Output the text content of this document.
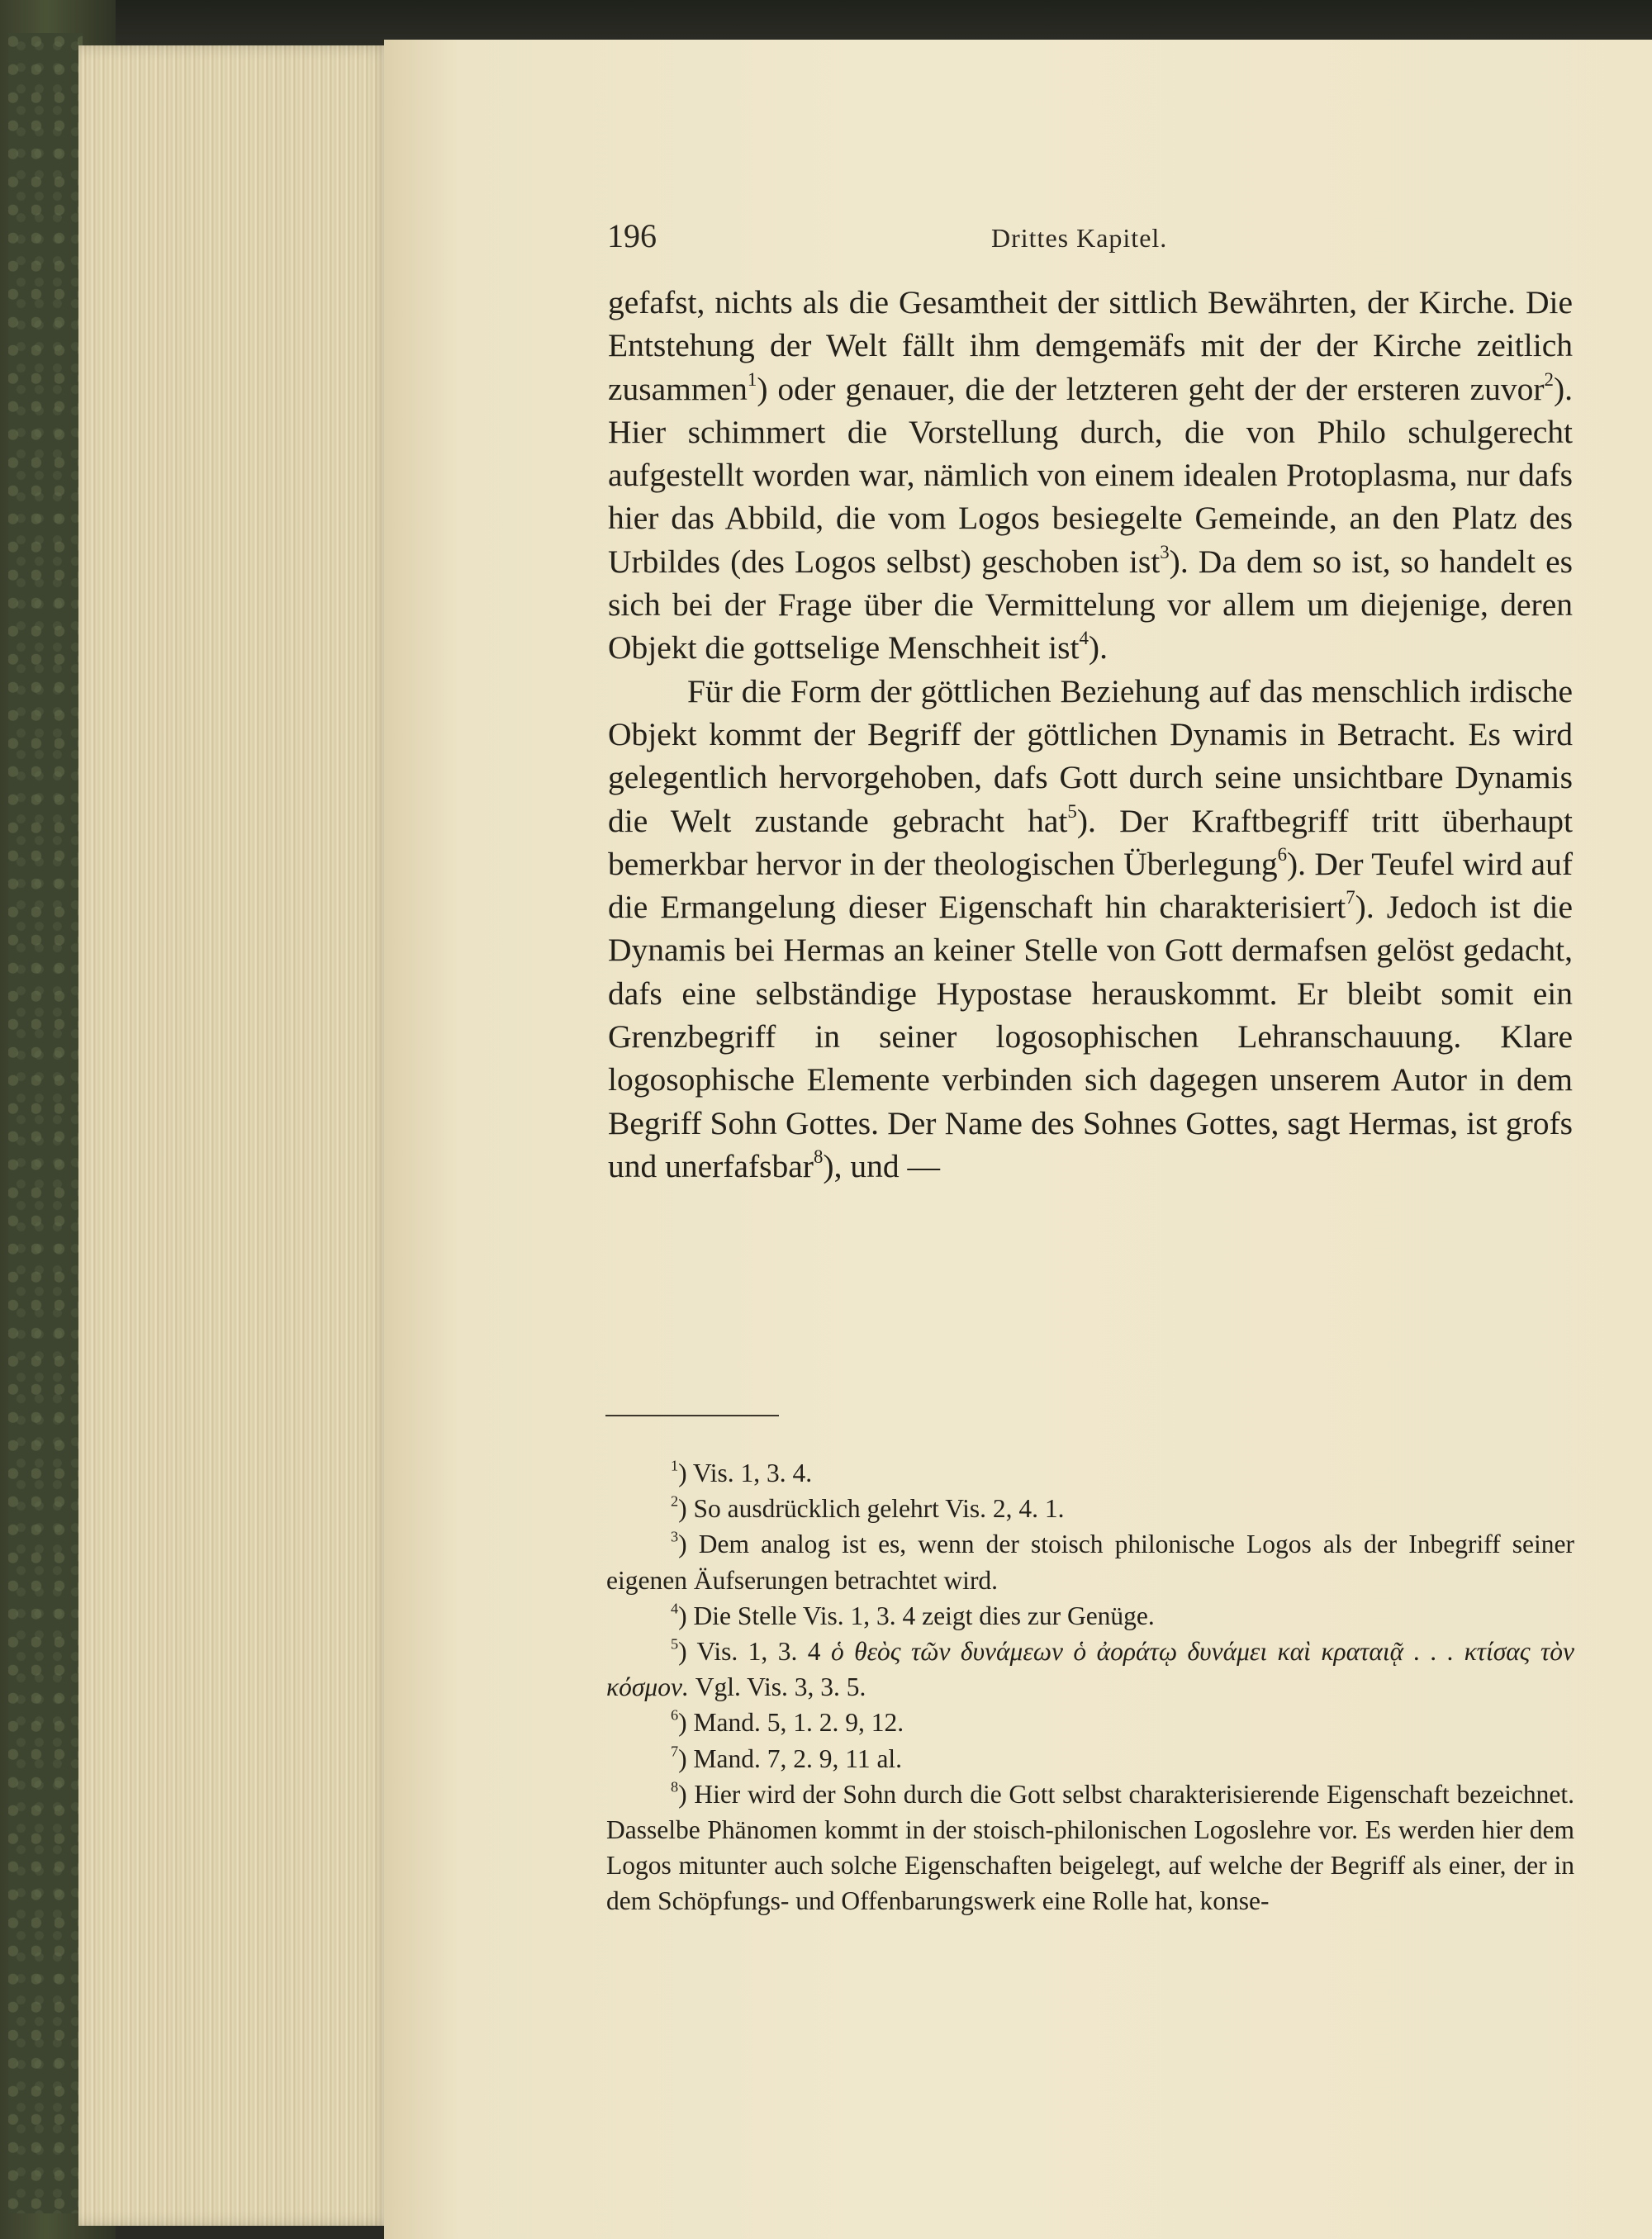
196	Drittes Kapitel.

gefafst, nichts als die Gesamtheit der sittlich Bewährten, der Kirche. Die Entstehung der Welt fällt ihm demgemäfs mit der der Kirche zeitlich zusammen$^1$) oder genauer, die der letzteren geht der der ersteren zuvor$^2$). Hier schimmert die Vorstellung durch, die von Philo schulgerecht aufgestellt worden war, nämlich von einem idealen Protoplasma, nur dafs hier das Abbild, die vom Logos besiegelte Gemeinde, an den Platz des Urbildes (des Logos selbst) geschoben ist$^3$). Da dem so ist, so handelt es sich bei der Frage über die Vermittelung vor allem um diejenige, deren Objekt die gottselige Menschheit ist$^4$).

Für die Form der göttlichen Beziehung auf das menschlich irdische Objekt kommt der Begriff der göttlichen Dynamis in Betracht. Es wird gelegentlich hervorgehoben, dafs Gott durch seine unsichtbare Dynamis die Welt zustande gebracht hat$^5$). Der Kraftbegriff tritt überhaupt bemerkbar hervor in der theologischen Überlegung$^6$). Der Teufel wird auf die Ermangelung dieser Eigenschaft hin charakterisiert$^7$). Jedoch ist die Dynamis bei Hermas an keiner Stelle von Gott dermafsen gelöst gedacht, dafs eine selbständige Hypostase herauskommt. Er bleibt somit ein Grenzbegriff in seiner logosophischen Lehranschauung. Klare logosophische Elemente verbinden sich dagegen unserem Autor in dem Begriff Sohn Gottes. Der Name des Sohnes Gottes, sagt Hermas, ist grofs und unerfafsbar$^8$), und —

$^1$) Vis. 1, 3. 4.

$^2$) So ausdrücklich gelehrt Vis. 2, 4. 1.

$^3$) Dem analog ist es, wenn der stoisch philonische Logos als der Inbegriff seiner eigenen Äufserungen betrachtet wird.

$^4$) Die Stelle Vis. 1, 3. 4 zeigt dies zur Genüge.

$^5$) Vis. 1, 3. 4 ὁ θεὸς τῶν δυνάμεων ὁ ἀοράτῳ δυνάμει καὶ κραταιᾷ . . . κτίσας τὸν κόσμον. Vgl. Vis. 3, 3. 5.

$^6$) Mand. 5, 1. 2. 9, 12.

$^7$) Mand. 7, 2. 9, 11 al.

$^8$) Hier wird der Sohn durch die Gott selbst charakterisierende Eigenschaft bezeichnet. Dasselbe Phänomen kommt in der stoisch-philonischen Logoslehre vor. Es werden hier dem Logos mitunter auch solche Eigenschaften beigelegt, auf welche der Begriff als einer, der in dem Schöpfungs- und Offenbarungswerk eine Rolle hat, konse-
